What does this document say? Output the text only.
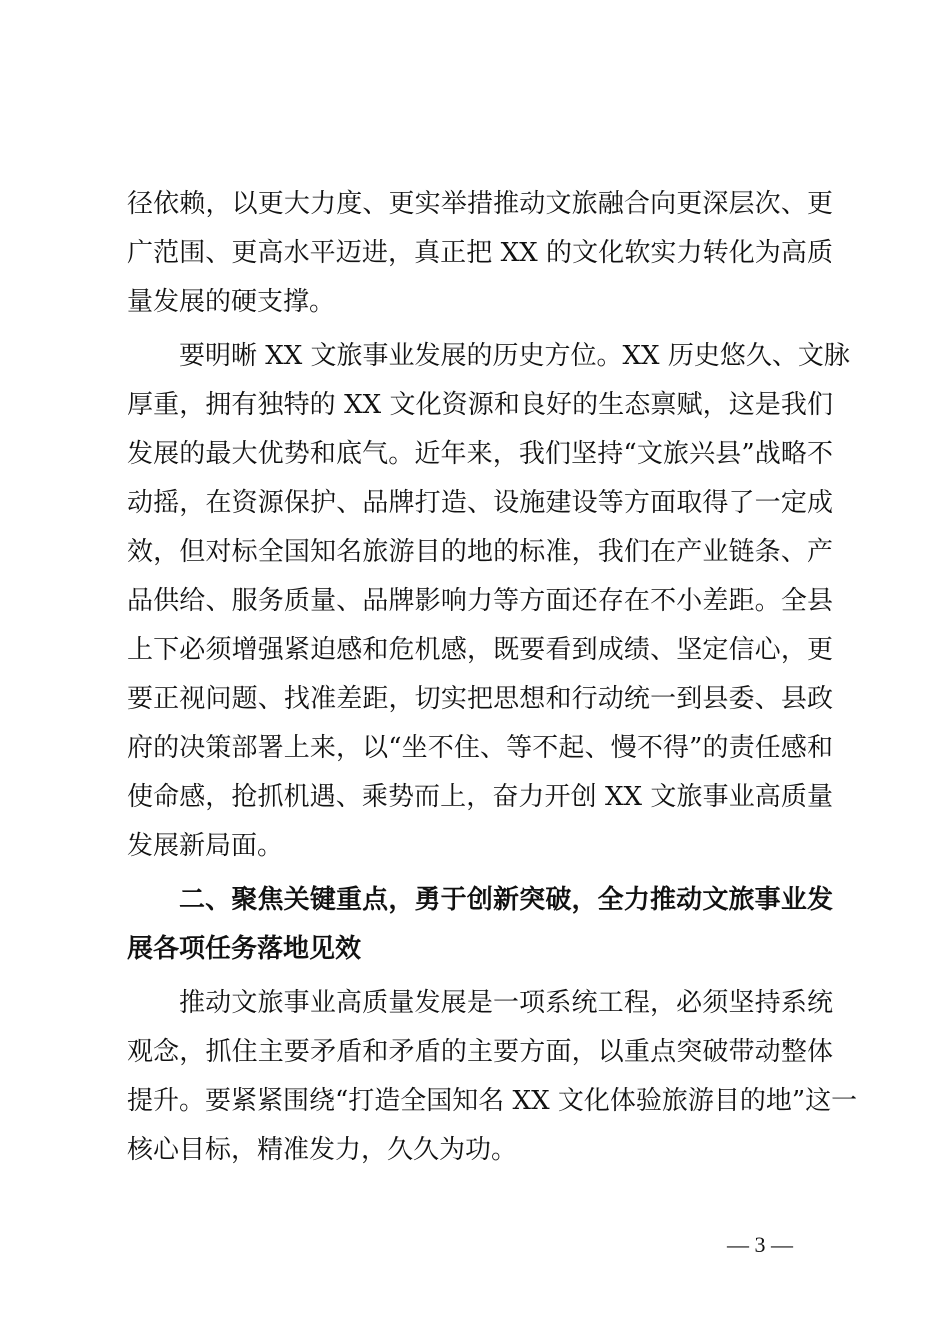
径依赖，以更大力度、更实举措推动文旅融合向更深层次、更
广范围、更高水平迈进，真正把 XX 的文化软实力转化为高质
量发展的硬支撑。
要明晰 XX 文旅事业发展的历史方位。XX 历史悠久、文脉
厚重，拥有独特的 XX 文化资源和良好的生态禀赋，这是我们
发展的最大优势和底气。近年来，我们坚持“文旅兴县”战略不
动摇，在资源保护、品牌打造、设施建设等方面取得了一定成
效，但对标全国知名旅游目的地的标准，我们在产业链条、产
品供给、服务质量、品牌影响力等方面还存在不小差距。全县
上下必须增强紧迫感和危机感，既要看到成绩、坚定信心，更
要正视问题、找准差距，切实把思想和行动统一到县委、县政
府的决策部署上来，以“坐不住、等不起、慢不得”的责任感和
使命感，抢抓机遇、乘势而上，奋力开创 XX 文旅事业高质量
发展新局面。
二、聚焦关键重点，勇于创新突破，全力推动文旅事业发
展各项任务落地见效
推动文旅事业高质量发展是一项系统工程，必须坚持系统
观念，抓住主要矛盾和矛盾的主要方面，以重点突破带动整体
提升。要紧紧围绕“打造全国知名 XX 文化体验旅游目的地”这一
核心目标，精准发力，久久为功。
— 3 —
